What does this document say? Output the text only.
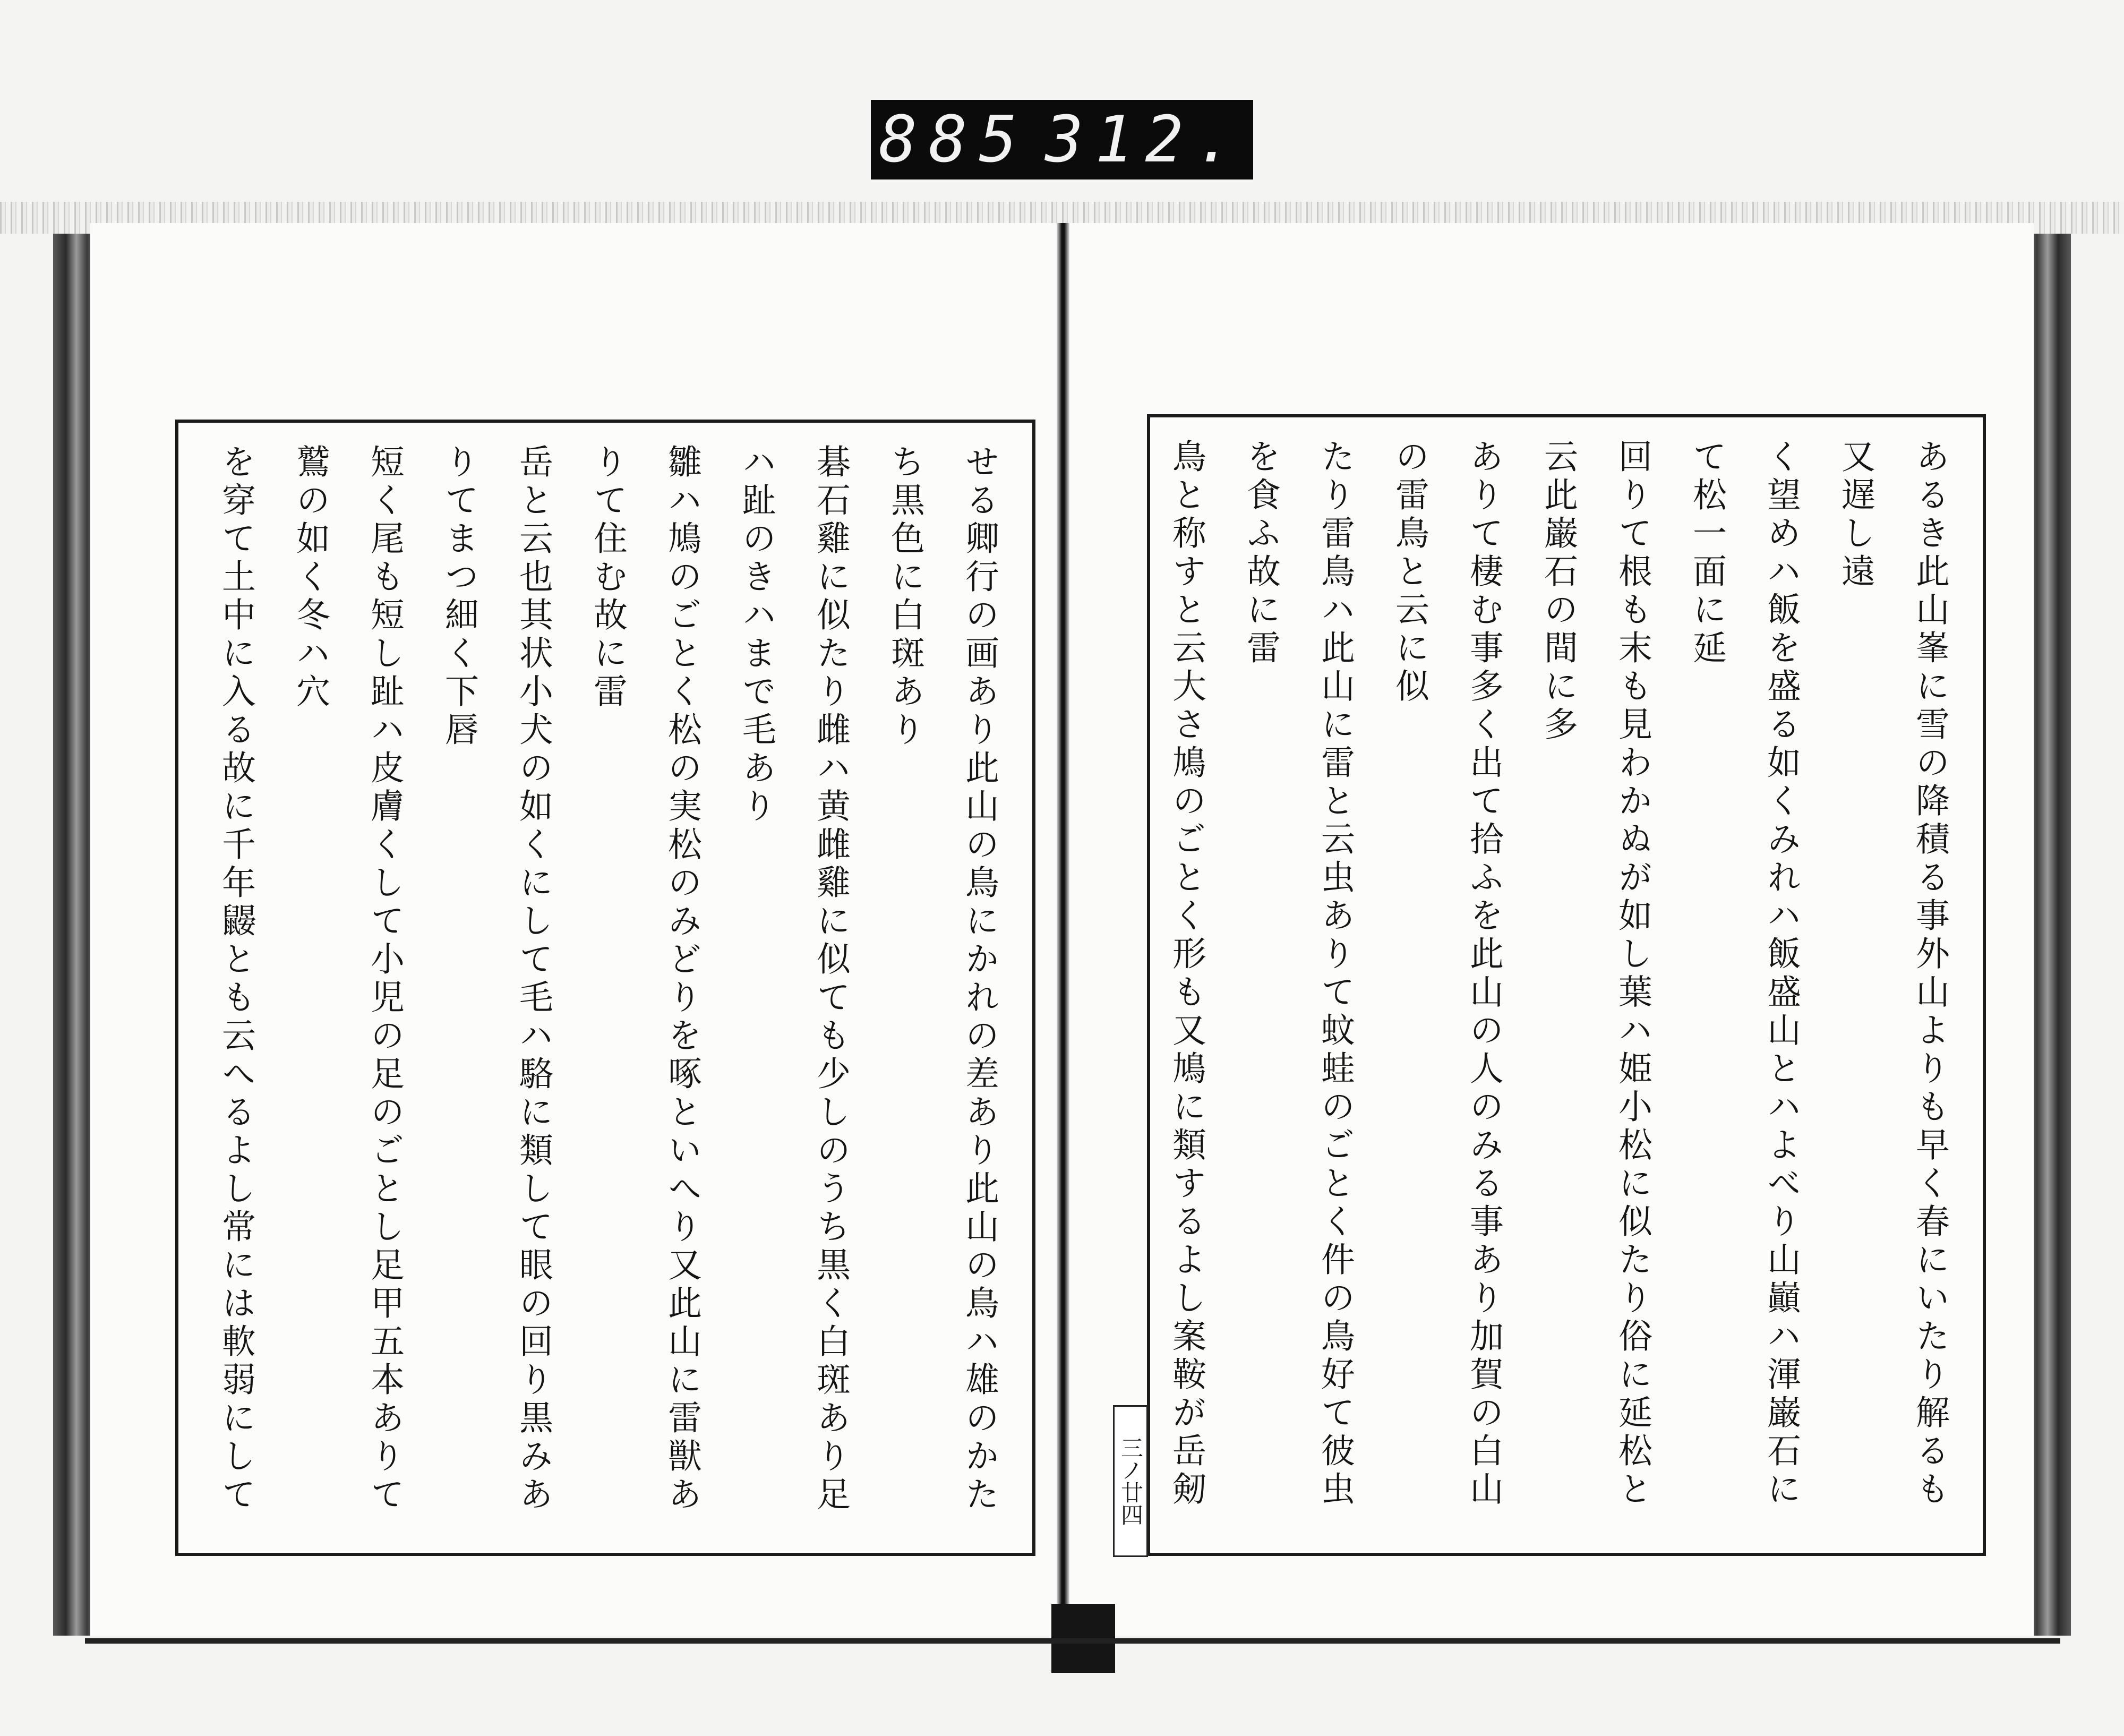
885 312.

せる卿行の画あり此山の鳥にかれの差あり此山の鳥ハ雄のかたち黒色に白斑あり

碁石雞に似たり雌ハ黄雌雞に似ても少しのうち黒く白斑あり足ハ趾のきハまで毛あり

雛ハ鳩のごとく松の実松のみどりを啄といへり又此山に雷獣ありて住む故に雷

岳と云也其状小犬の如くにして毛ハ駱に類して眼の回り黒みありてまつ細く下唇

短く尾も短し趾ハ皮膚くして小児の足のごとし足甲五本ありて鷲の如く冬ハ穴

を穿て土中に入る故に千年鼹とも云へるよし常には軟弱にして	三ノ廿四	あるき此山峯に雪の降積る事外山よりも早く春にいたり解るも又遅し遠

く望めハ飯を盛る如くみれハ飯盛山とハよべり山巓ハ渾巌石にて松一面に延

回りて根も末も見わかぬが如し葉ハ姫小松に似たり俗に延松と云此巌石の間に多

ありて棲む事多く出て拾ふを此山の人のみる事あり加賀の白山の雷鳥と云に似

たり雷鳥ハ此山に雷と云虫ありて蚊蛙のごとく件の鳥好て彼虫を食ふ故に雷

鳥と称すと云大さ鳩のごとく形も又鳩に類するよし案鞍が岳剱
